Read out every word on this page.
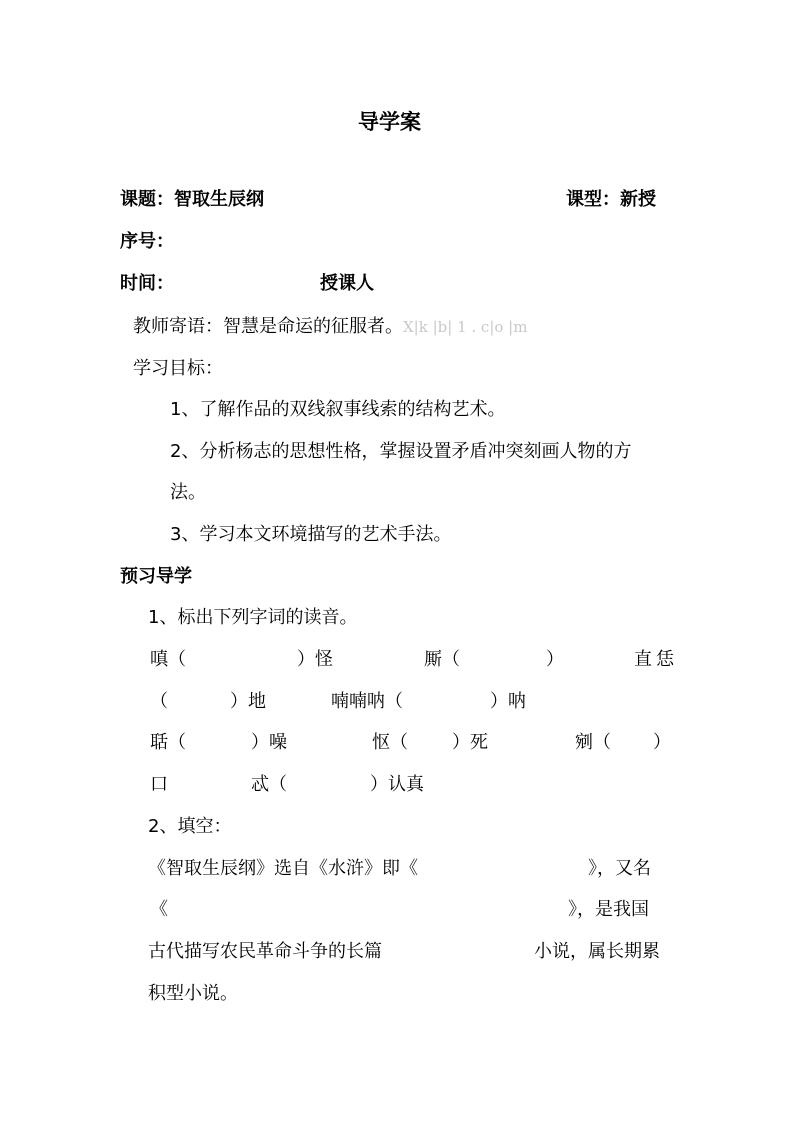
导学案
课题：智取生辰纲	课型：新授
序号：
时间：	授课人
教师寄语：智慧是命运的征服者。X|k |b| 1 . c|o |m
学习目标：
1、了解作品的双线叙事线索的结构艺术。
2、分析杨志的思想性格，掌握设置矛盾冲突刻画人物的方
法。
3、学习本文环境描写的艺术手法。
预习导学
1、标出下列字词的读音。
嗔（	）怪	厮（	）	直 恁
（	）地	喃喃呐（	）呐
聒（	）噪	怄（ ）死	剜（ ）
口	忒（	）认真
2、填空：
《智取生辰纲》选自《水浒》即《	》，又名
《	》，是我国
古代描写农民革命斗争的长篇	小说，属长期累
积型小说。
